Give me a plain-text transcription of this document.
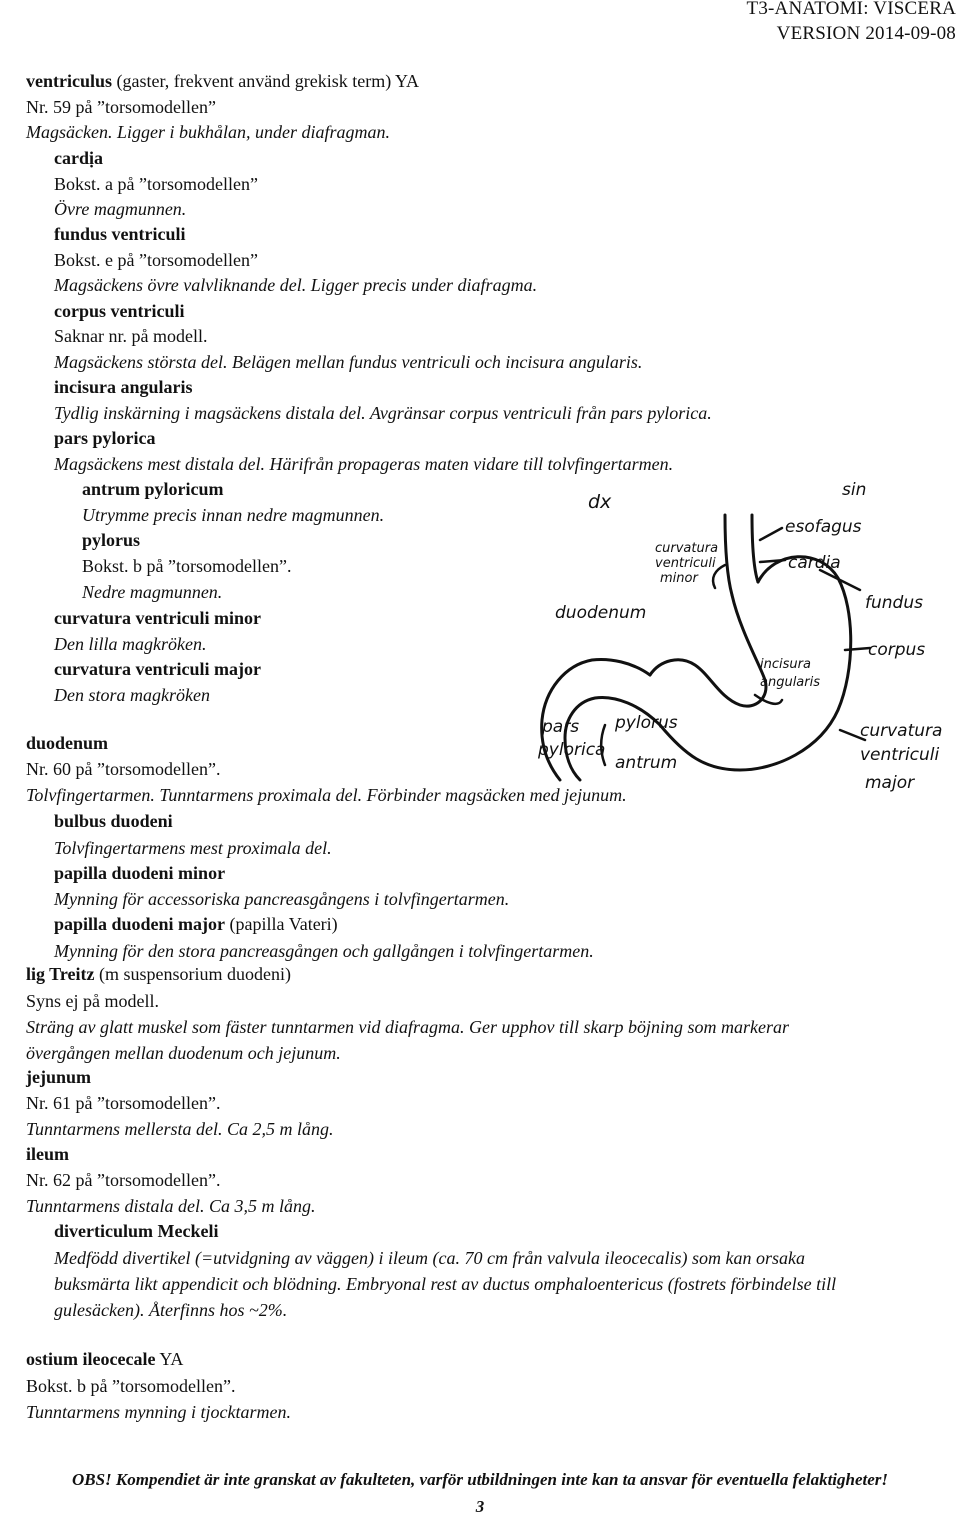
T3-ANATOMI: VISCERA
VERSION 2014-09-08
ventriculus (gaster, frekvent använd grekisk term) YA
Nr. 59 på ”torsomodellen”
Magsäcken. Ligger i bukhålan, under diafragman.
cardịa
Bokst. a på ”torsomodellen”
Övre magmunnen.
fundus ventriculi
Bokst. e på ”torsomodellen”
Magsäckens övre valvliknande del. Ligger precis under diafragma.
corpus ventriculi
Saknar nr. på modell.
Magsäckens största del. Belägen mellan fundus ventriculi och incisura angularis.
incisura angularis
Tydlig inskärning i magsäckens distala del. Avgränsar corpus ventriculi från pars pylorica.
pars pylorica
Magsäckens mest distala del. Härifrån propageras maten vidare till tolvfingertarmen.
antrum pyloricum
Utrymme precis innan nedre magmunnen.
pylorus
Bokst. b på ”torsomodellen”.
Nedre magmunnen.
curvatura ventriculi minor
Den lilla magkröken.
curvatura ventriculi major
Den stora magkröken
duodenum
Nr. 60 på ”torsomodellen”.
Tolvfingertarmen. Tunntarmens proximala del. Förbinder magsäcken med jejunum.
bulbus duodeni
Tolvfingertarmens mest proximala del.
papilla duodeni minor
Mynning för accessoriska pancreasgångens i tolvfingertarmen.
papilla duodeni major (papilla Vateri)
Mynning för den stora pancreasgången och gallgången i tolvfingertarmen.
lig Treitz (m suspensorium duodeni)
Syns ej på modell.
Sträng av glatt muskel som fäster tunntarmen vid diafragma. Ger upphov till skarp böjning som markerar
övergången mellan duodenum och jejunum.
jejunum
Nr. 61 på ”torsomodellen”.
Tunntarmens mellersta del. Ca 2,5 m lång.
ileum
Nr. 62 på ”torsomodellen”.
Tunntarmens distala del. Ca 3,5 m lång.
diverticulum Meckeli
Medfödd divertikel (=utvidgning av väggen) i ileum (ca. 70 cm från valvula ileocecalis) som kan orsaka
buksmärta likt appendicit och blödning. Embryonal rest av ductus omphaloentericus (fostrets förbindelse till
gulesäcken). Återfinns hos ~2%.
ostium ileocecale YA
Bokst. b på ”torsomodellen”.
Tunntarmens mynning i tjocktarmen.
dx
sin
esofagus
cardia
fundus
corpus
curvatura
ventriculi
minor
duodenum
incisura
angularis
pars
pylorica
pylorus
antrum
curvatura
ventriculi
major
OBS! Kompendiet är inte granskat av fakulteten, varför utbildningen inte kan ta ansvar för eventuella felaktigheter!
3
